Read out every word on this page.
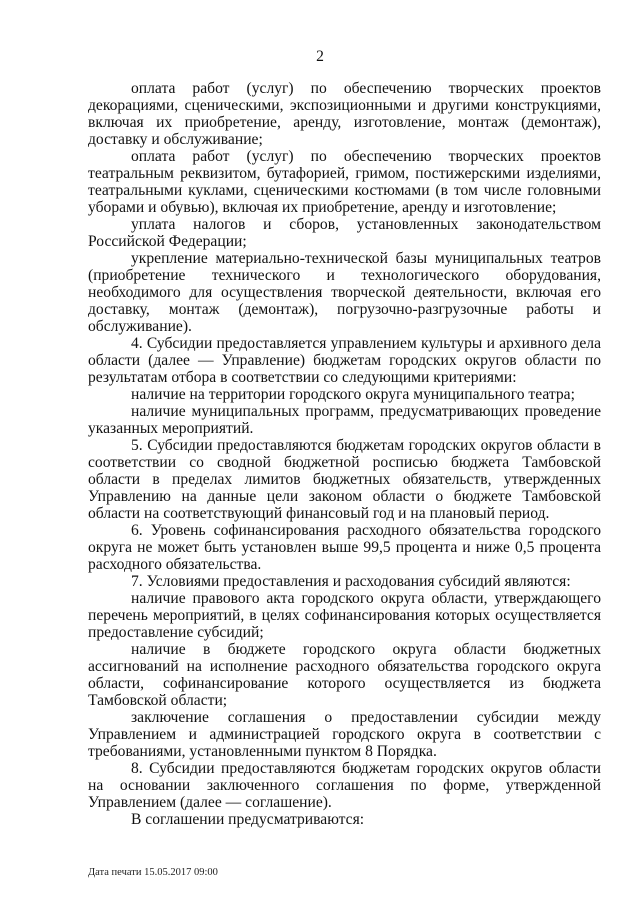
2

оплата работ (услуг) по обеспечению творческих проектов декорациями, сценическими, экспозиционными и другими конструкциями, включая их приобретение, аренду, изготовление, монтаж (демонтаж), доставку и обслуживание;

оплата работ (услуг) по обеспечению творческих проектов театральным реквизитом, бутафорией, гримом, постижерскими изделиями, театральными куклами, сценическими костюмами (в том числе головными уборами и обувью), включая их приобретение, аренду и изготовление;

уплата налогов и сборов, установленных законодательством Российской Федерации;

укрепление материально-технической базы муниципальных театров (приобретение технического и технологического оборудования, необходимого для осуществления творческой деятельности, включая его доставку, монтаж (демонтаж), погрузочно-разгрузочные работы и обслуживание).

4. Субсидии предоставляется управлением культуры и архивного дела области (далее — Управление) бюджетам городских округов области по результатам отбора в соответствии со следующими критериями:

наличие на территории городского округа муниципального театра;

наличие муниципальных программ, предусматривающих проведение указанных мероприятий.

5. Субсидии предоставляются бюджетам городских округов области в соответствии со сводной бюджетной росписью бюджета Тамбовской области в пределах лимитов бюджетных обязательств, утвержденных Управлению на данные цели законом области о бюджете Тамбовской области на соответствующий финансовый год и на плановый период.

6. Уровень софинансирования расходного обязательства городского округа не может быть установлен выше 99,5 процента и ниже 0,5 процента расходного обязательства.

7. Условиями предоставления и расходования субсидий являются:

наличие правового акта городского округа области, утверждающего перечень мероприятий, в целях софинансирования которых осуществляется предоставление субсидий;

наличие в бюджете городского округа области бюджетных ассигнований на исполнение расходного обязательства городского округа области, софинансирование которого осуществляется из бюджета Тамбовской области;

заключение соглашения о предоставлении субсидии между Управлением и администрацией городского округа в соответствии с требованиями, установленными пунктом 8 Порядка.

8. Субсидии предоставляются бюджетам городских округов области на основании заключенного соглашения по форме, утвержденной Управлением (далее — соглашение).

В соглашении предусматриваются:

Дата печати 15.05.2017 09:00
